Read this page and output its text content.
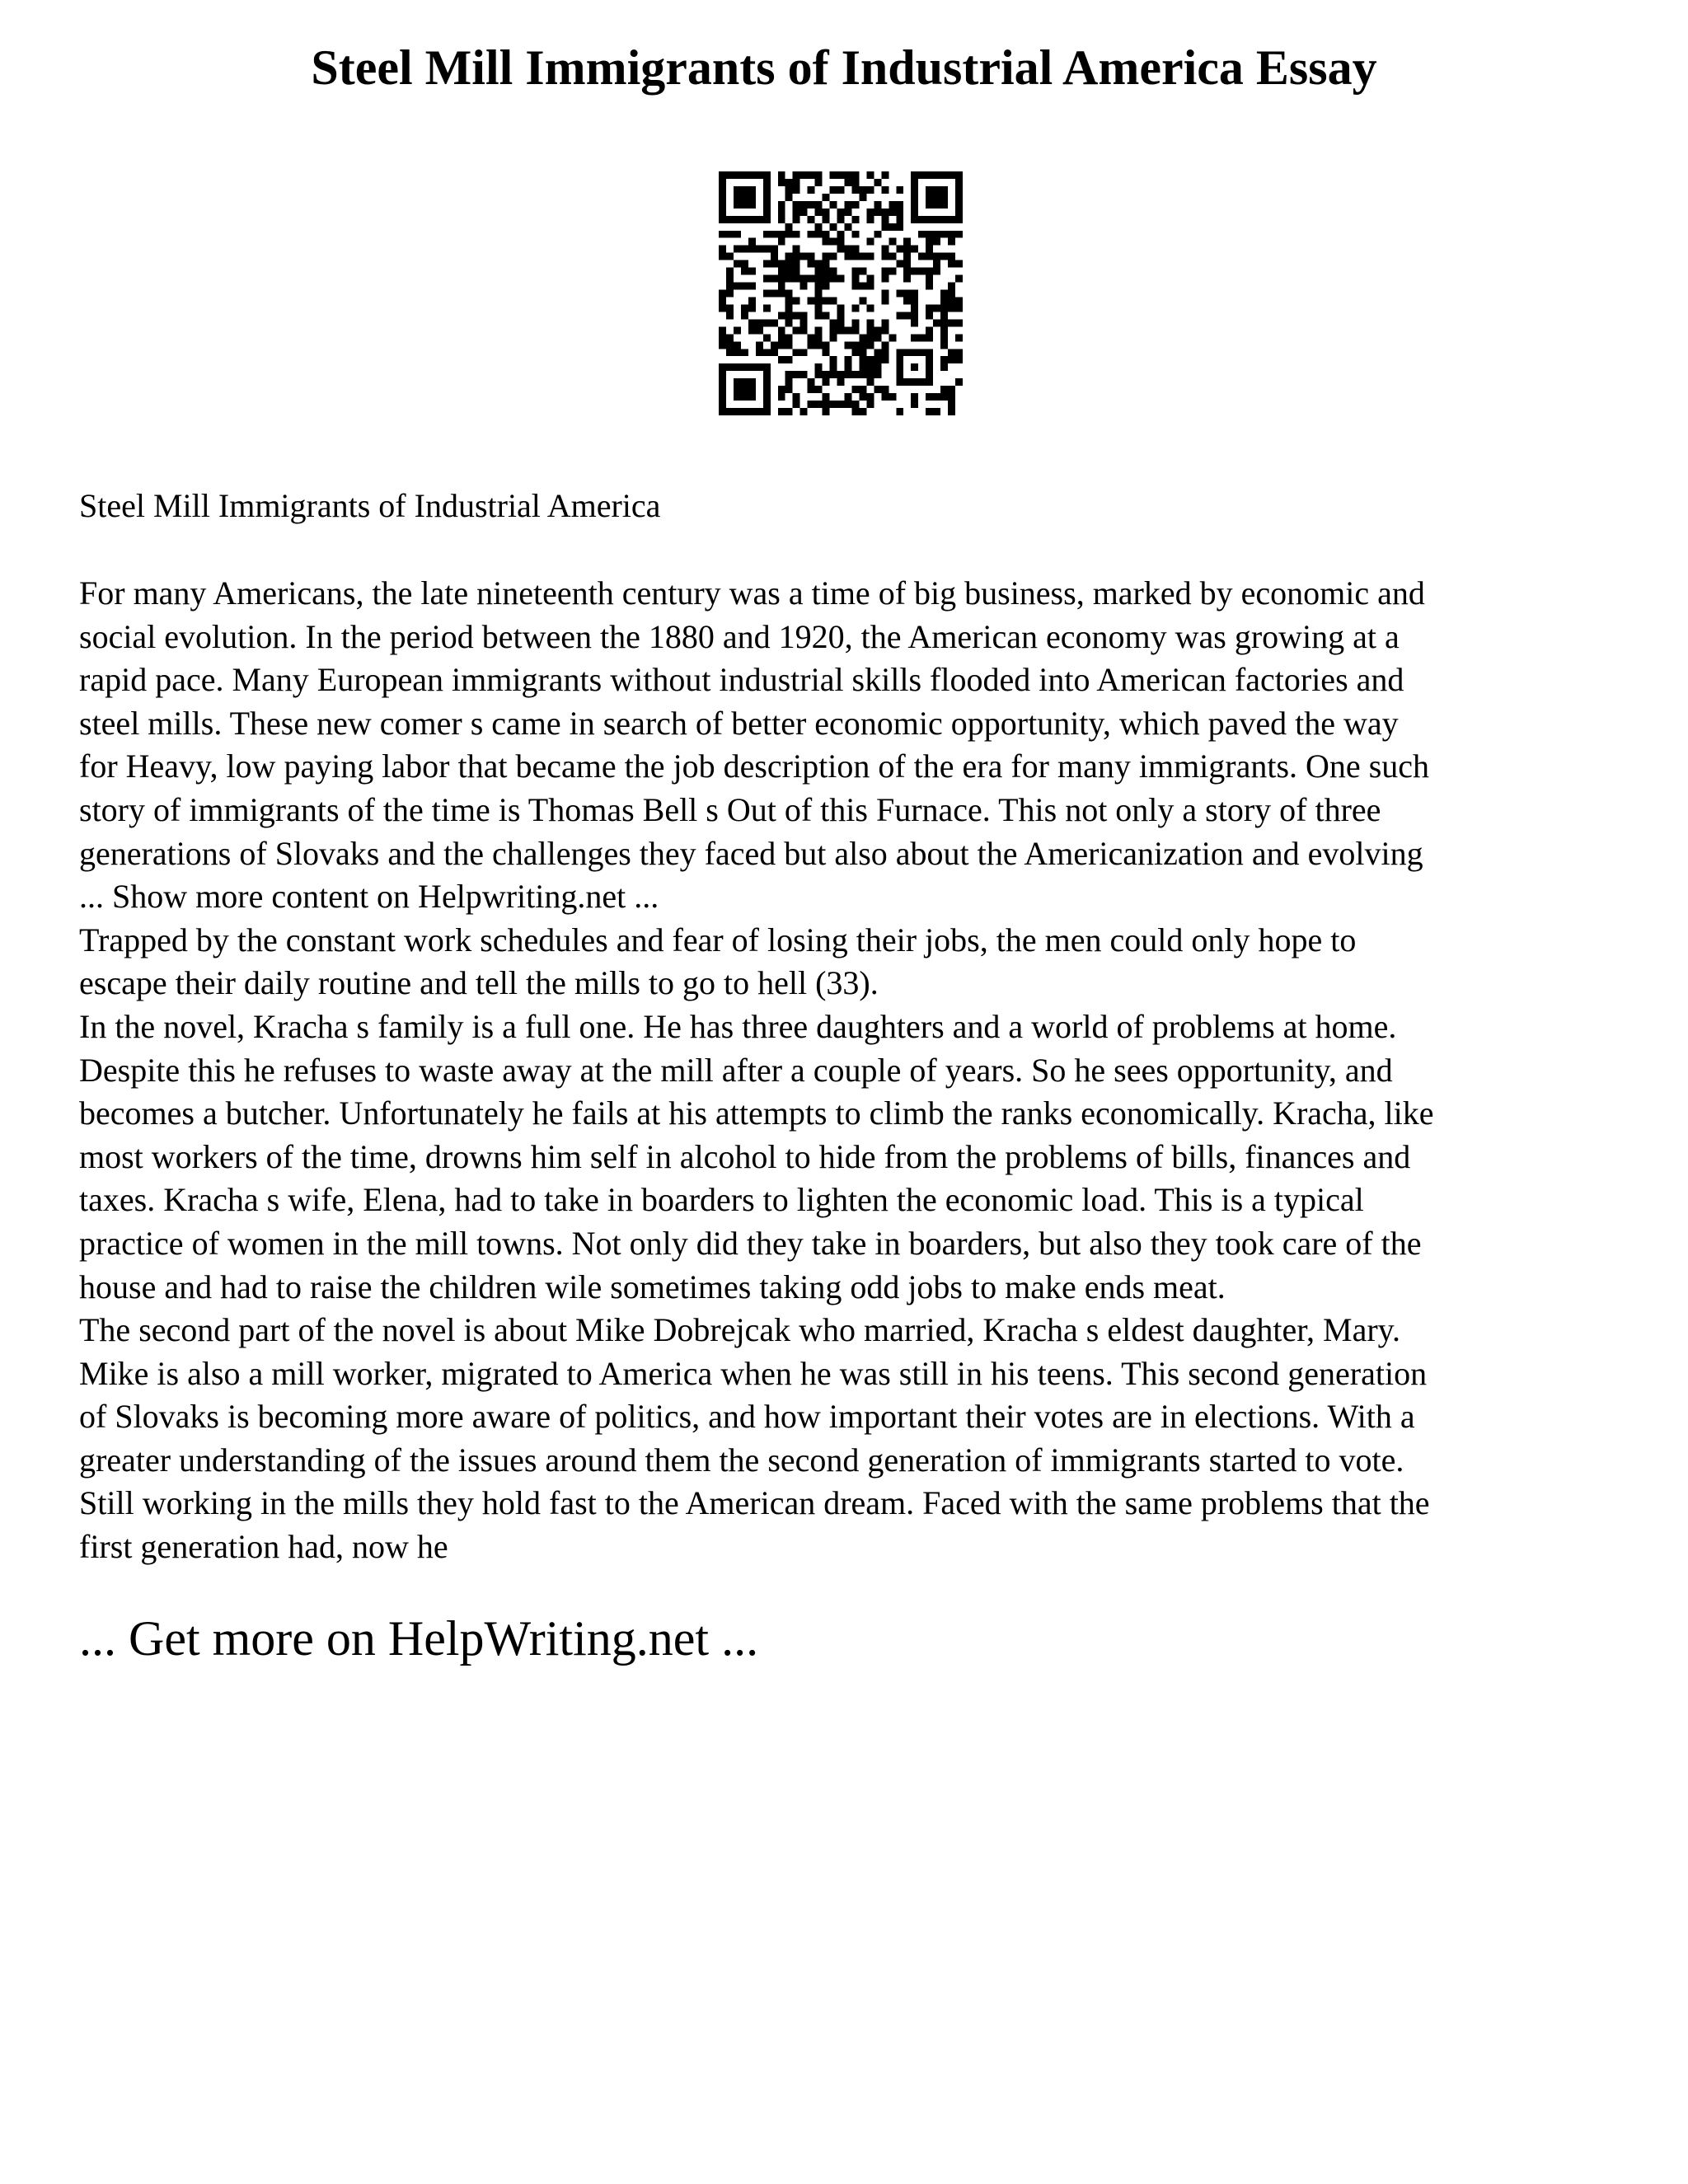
Steel Mill Immigrants of Industrial America Essay

Steel Mill Immigrants of Industrial America

For many Americans, the late nineteenth century was a time of big business, marked by economic and
social evolution. In the period between the 1880 and 1920, the American economy was growing at a
rapid pace. Many European immigrants without industrial skills flooded into American factories and
steel mills. These new comer s came in search of better economic opportunity, which paved the way
for Heavy, low paying labor that became the job description of the era for many immigrants. One such
story of immigrants of the time is Thomas Bell s Out of this Furnace. This not only a story of three
generations of Slovaks and the challenges they faced but also about the Americanization and evolving
... Show more content on Helpwriting.net ...
Trapped by the constant work schedules and fear of losing their jobs, the men could only hope to
escape their daily routine and tell the mills to go to hell (33).
In the novel, Kracha s family is a full one. He has three daughters and a world of problems at home.
Despite this he refuses to waste away at the mill after a couple of years. So he sees opportunity, and
becomes a butcher. Unfortunately he fails at his attempts to climb the ranks economically. Kracha, like
most workers of the time, drowns him self in alcohol to hide from the problems of bills, finances and
taxes. Kracha s wife, Elena, had to take in boarders to lighten the economic load. This is a typical
practice of women in the mill towns. Not only did they take in boarders, but also they took care of the
house and had to raise the children wile sometimes taking odd jobs to make ends meat.
The second part of the novel is about Mike Dobrejcak who married, Kracha s eldest daughter, Mary.
Mike is also a mill worker, migrated to America when he was still in his teens. This second generation
of Slovaks is becoming more aware of politics, and how important their votes are in elections. With a
greater understanding of the issues around them the second generation of immigrants started to vote.
Still working in the mills they hold fast to the American dream. Faced with the same problems that the
first generation had, now he

... Get more on HelpWriting.net ...
